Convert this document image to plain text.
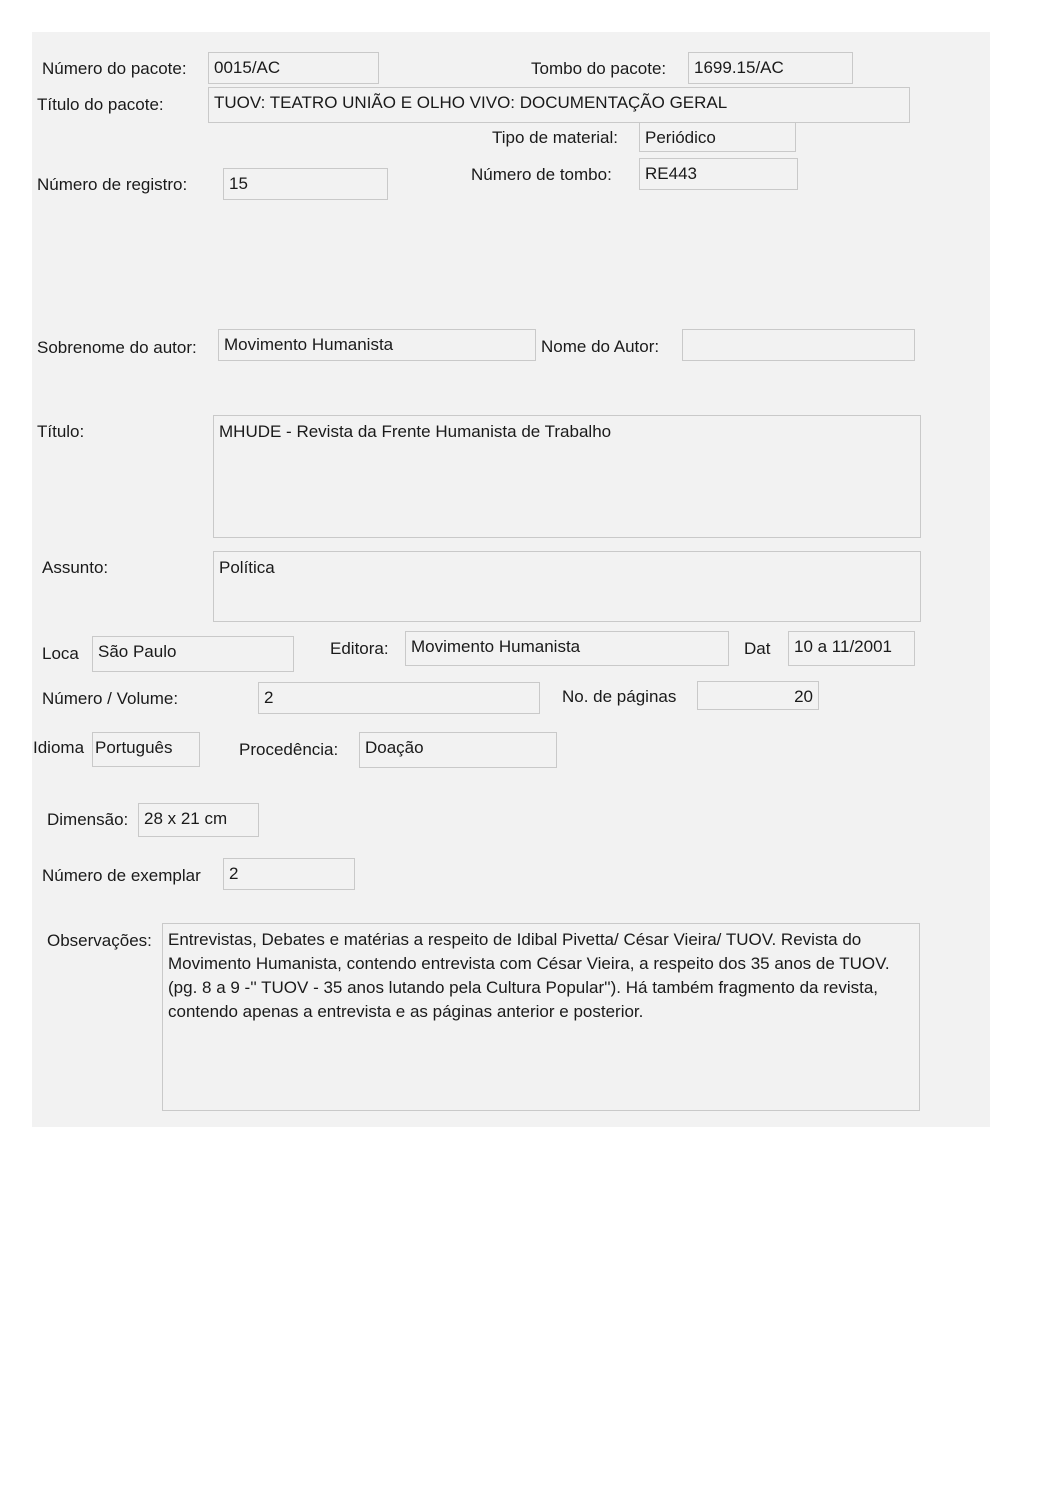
Número do pacote:	0015/AC	Tombo do pacote:	1699.15/AC
Título do pacote:	TUOV: TEATRO UNIÃO E OLHO VIVO: DOCUMENTAÇÃO GERAL
Tipo de material:	Periódico
Número de registro:	15	Número de tombo:	RE443
Sobrenome do autor:	Movimento Humanista	Nome do Autor:
Título:	MHUDE - Revista da Frente Humanista de Trabalho
Assunto:	Política
Loca	São Paulo	Editora:	Movimento Humanista	Dat	10 a 11/2001
Número / Volume:	2	No. de páginas	20
Idioma Português	Procedência:	Doação
Dimensão: 28 x 21 cm
Número de exemplar	2
Observações: Entrevistas, Debates e matérias a respeito de Idibal Pivetta/ César Vieira/ TUOV. Revista do Movimento Humanista, contendo entrevista com César Vieira, a respeito dos 35 anos de TUOV. (pg. 8 a 9 -'' TUOV - 35 anos lutando pela Cultura Popular''). Há também fragmento da revista, contendo apenas a entrevista e as páginas anterior e posterior.
